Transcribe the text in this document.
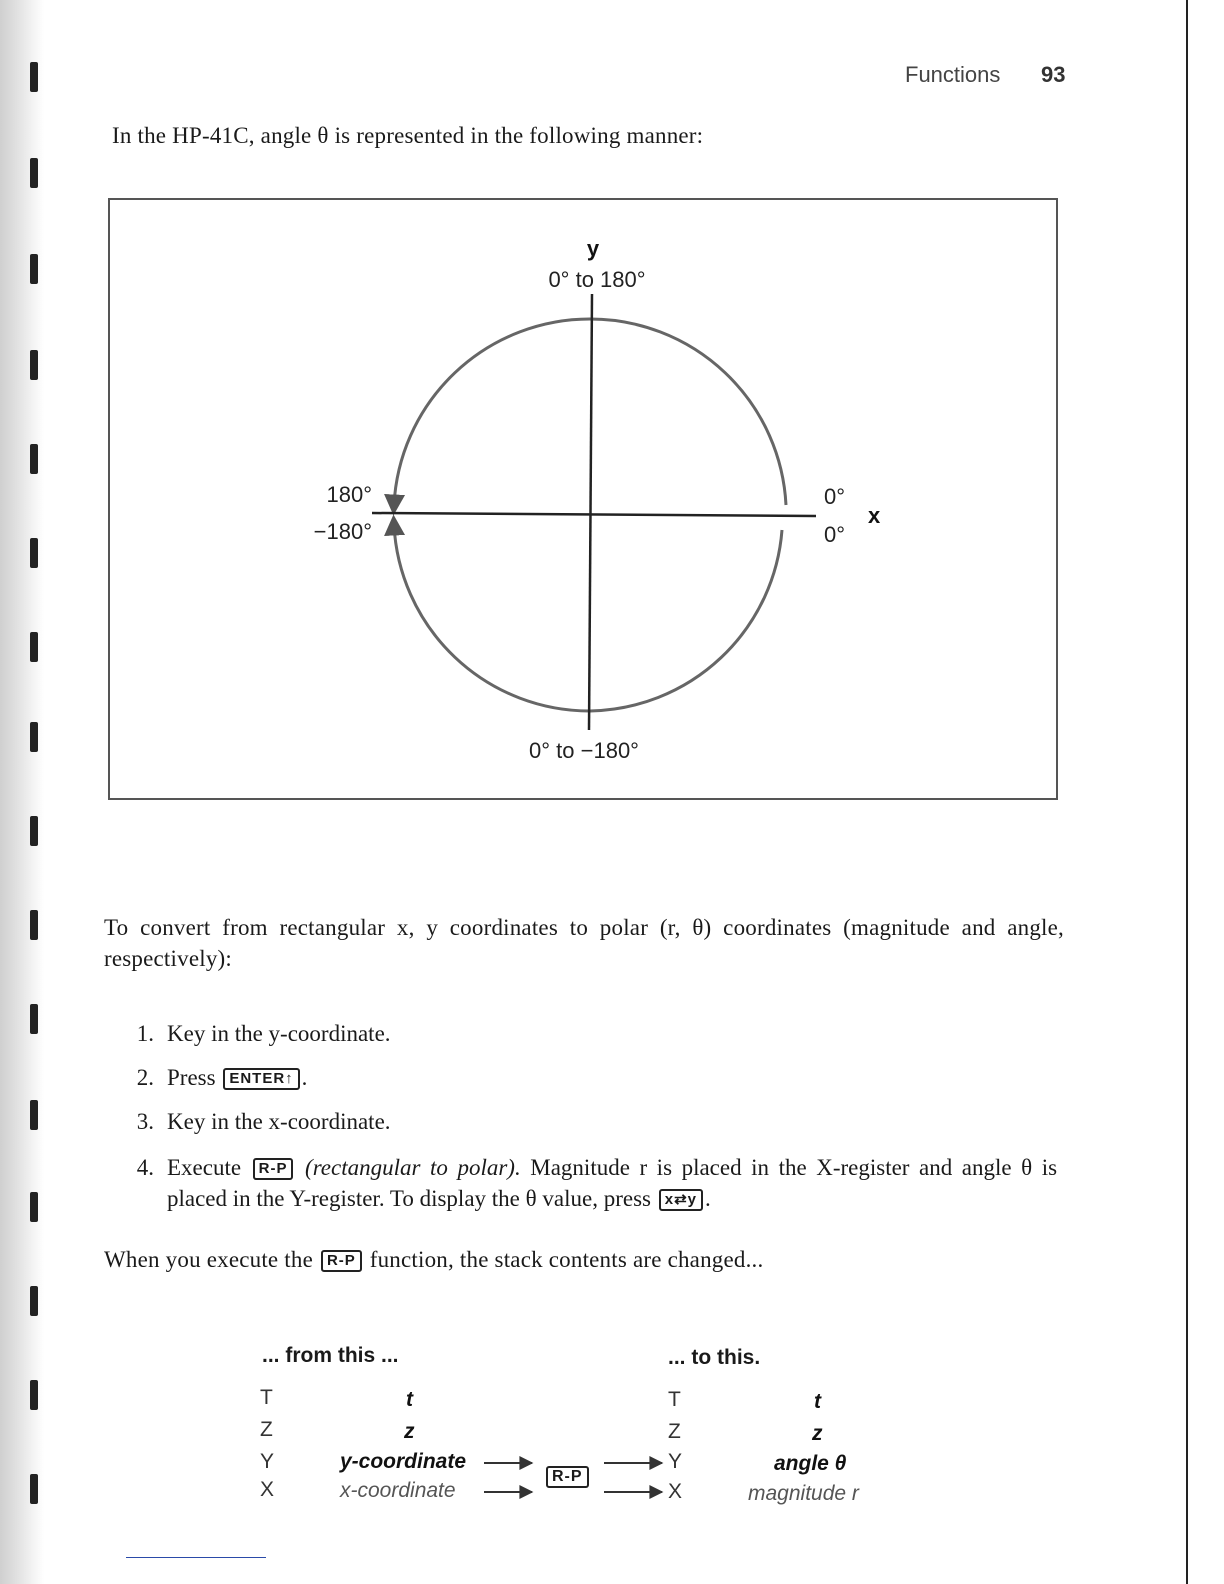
Functions 93
In the HP-41C, angle θ is represented in the following manner:
y
0° to 180°
0° to −180°
180°
−180°
0°
0°
x
To convert from rectangular x, y coordinates to polar (r, θ) coordinates (magnitude and angle, respectively):
1. Key in the y-coordinate.
2. Press ENTER↑ .
3. Key in the x-coordinate.
4. Execute R-P (rectangular to polar). Magnitude r is placed in the X-register and angle θ is placed in the Y-register. To display the θ value, press x⇄y .
When you execute the R-P function, the stack contents are changed...
... from this ...	... to this.
T
Z
Y
X
t
z
y-coordinate
x-coordinate
R-P
T
Z
Y
X
t
z
angle θ
magnitude r
